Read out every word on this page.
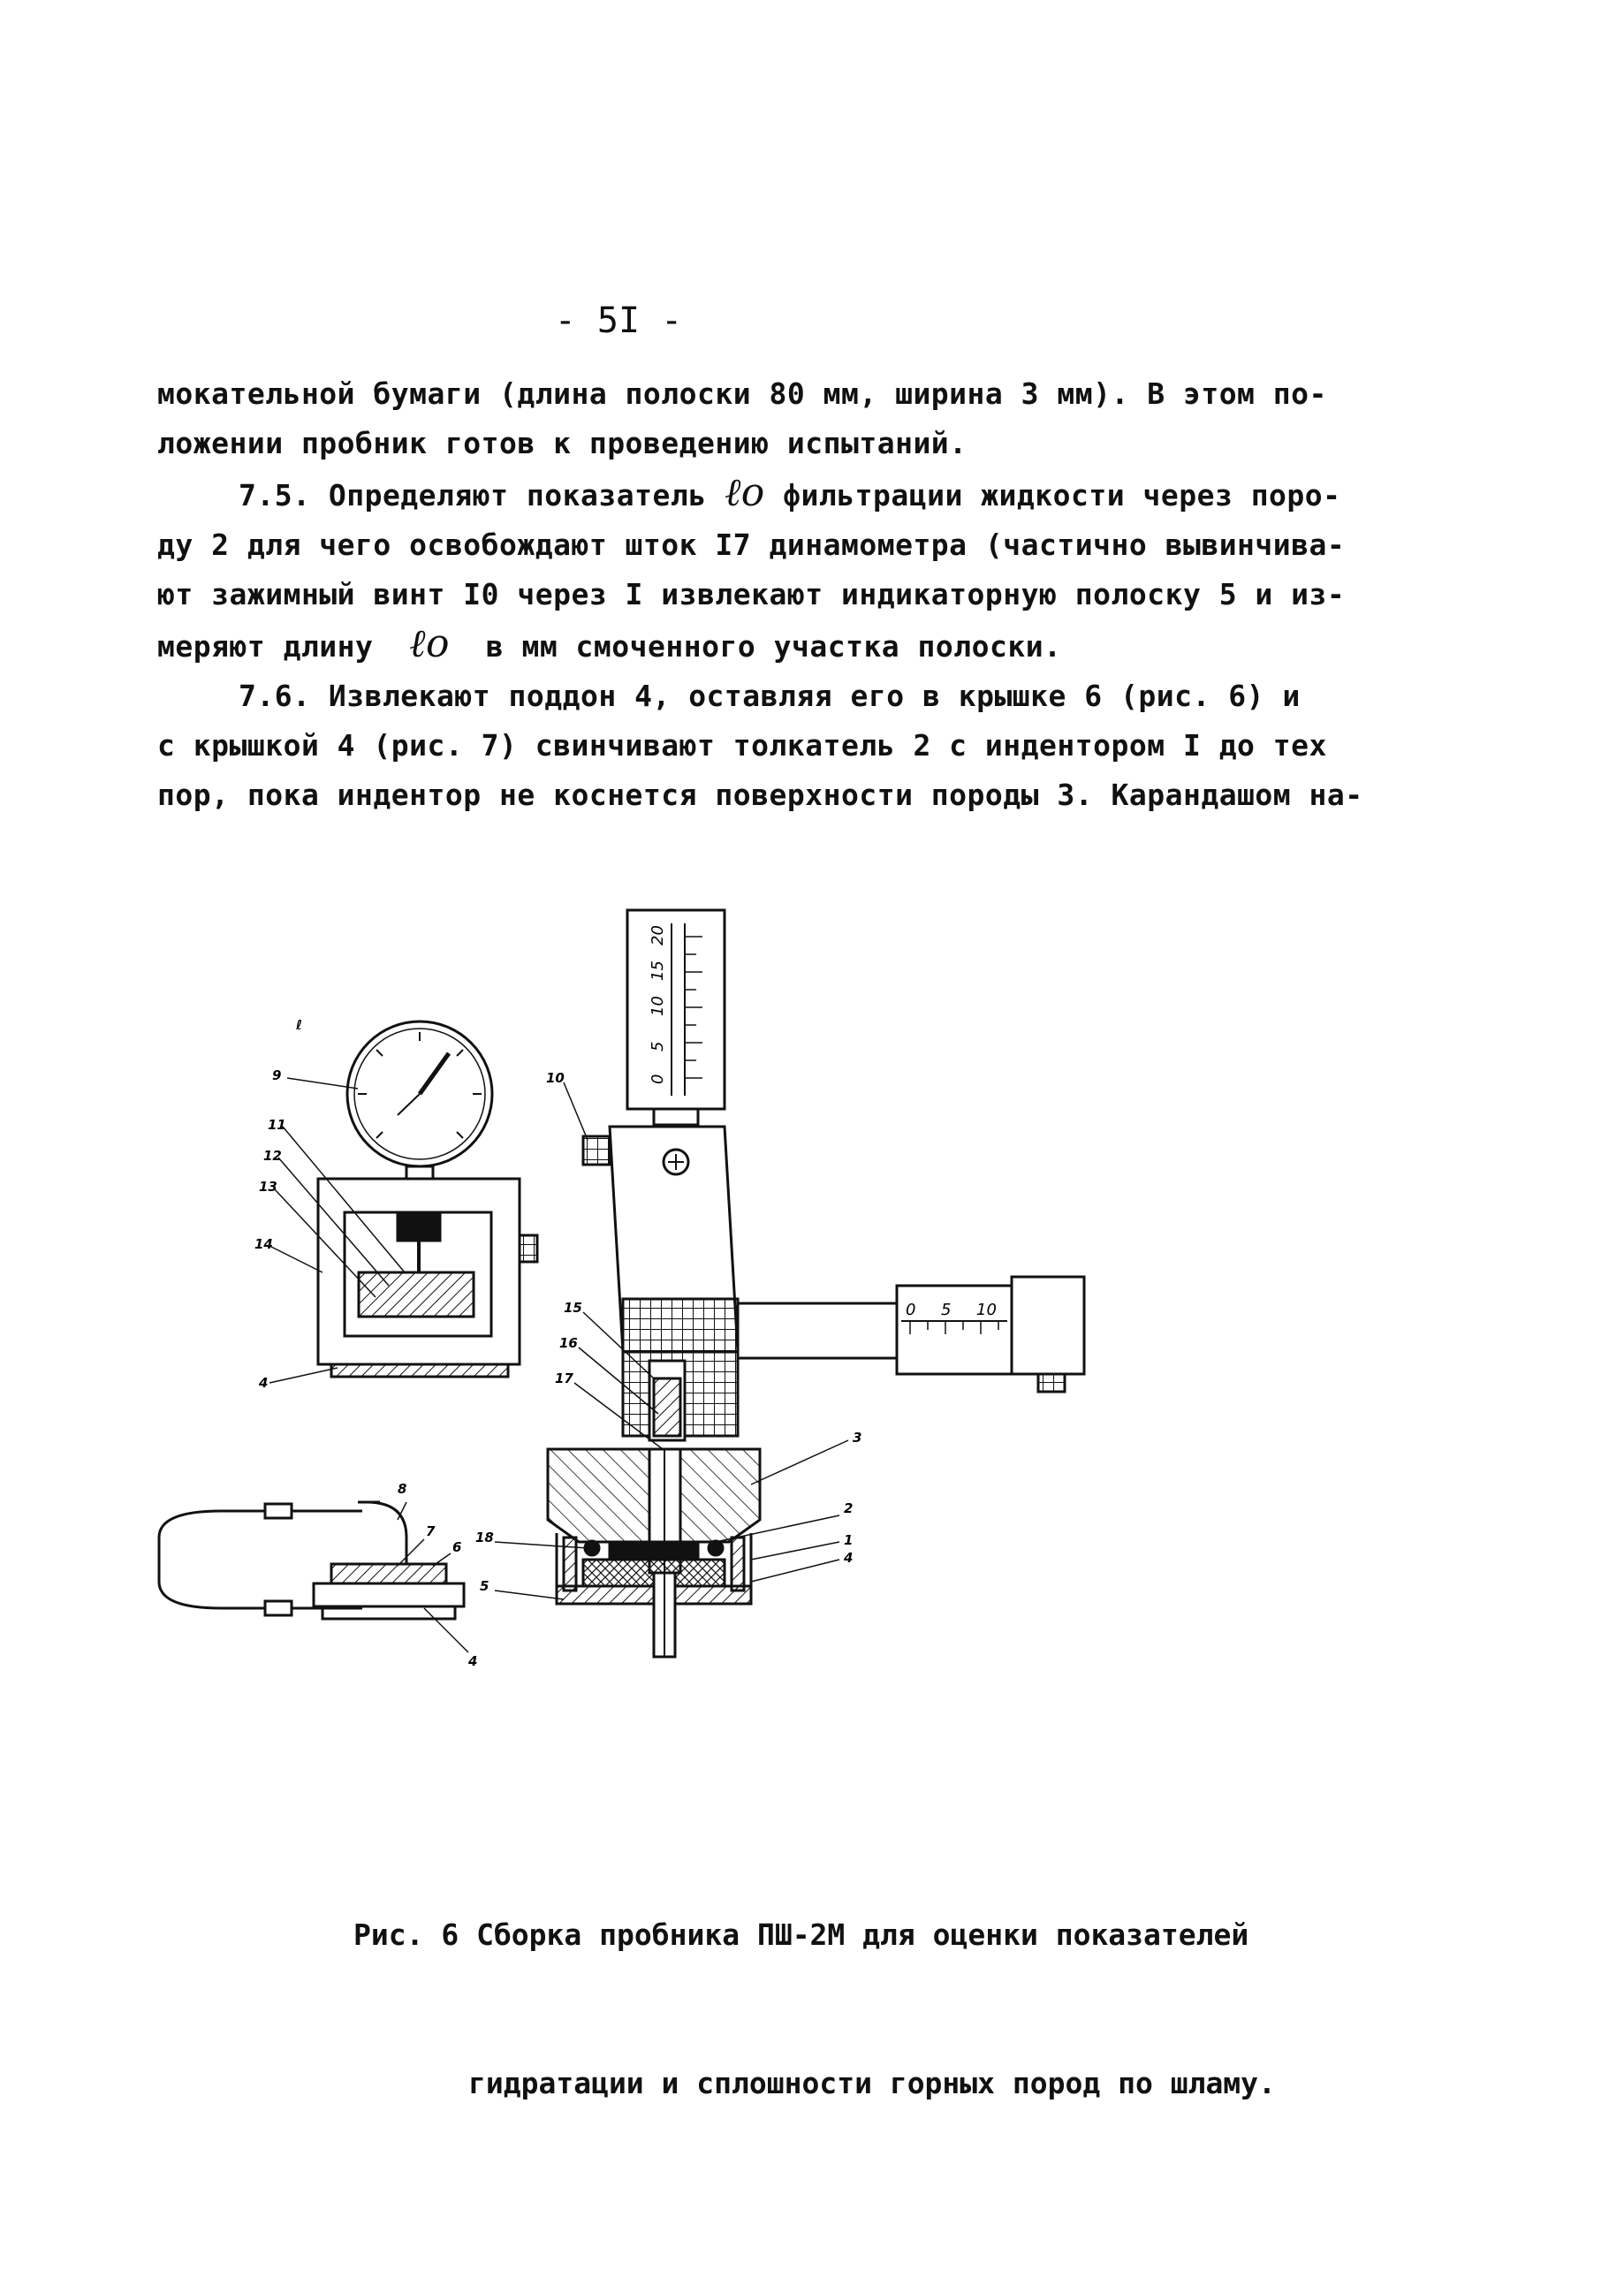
- 5I -
мокательной бумаги (длина полоски 80 мм, ширина 3 мм). В этом по-
ложении пробник готов к проведению испытаний.
7.5. Определяют показатель ℓo фильтрации жидкости через поро-
ду 2 для чего освобождают шток I7 динамометра (частично вывинчива-
ют зажимный винт I0 через I извлекают индикаторную полоску 5 и из-
меряют длину  ℓo  в мм смоченного участка полоски.
7.6. Извлекают поддон 4, оставляя его в крышке 6 (рис. 6) и
с крышкой 4 (рис. 7) свинчивают толкатель 2 с индентором I до тех
пор, пока индентор не коснется поверхности породы 3. Карандашом на-
ℓ
9
11
12
13
14
4
0
5
10
15
20
0 5 10
10
15
16
17
3
2
1
4
18
5
8
7
6
4

Рис. 6 Сборка пробника ПШ-2М для оценки показателей

гидратации и сплошности горных пород по шламу.
